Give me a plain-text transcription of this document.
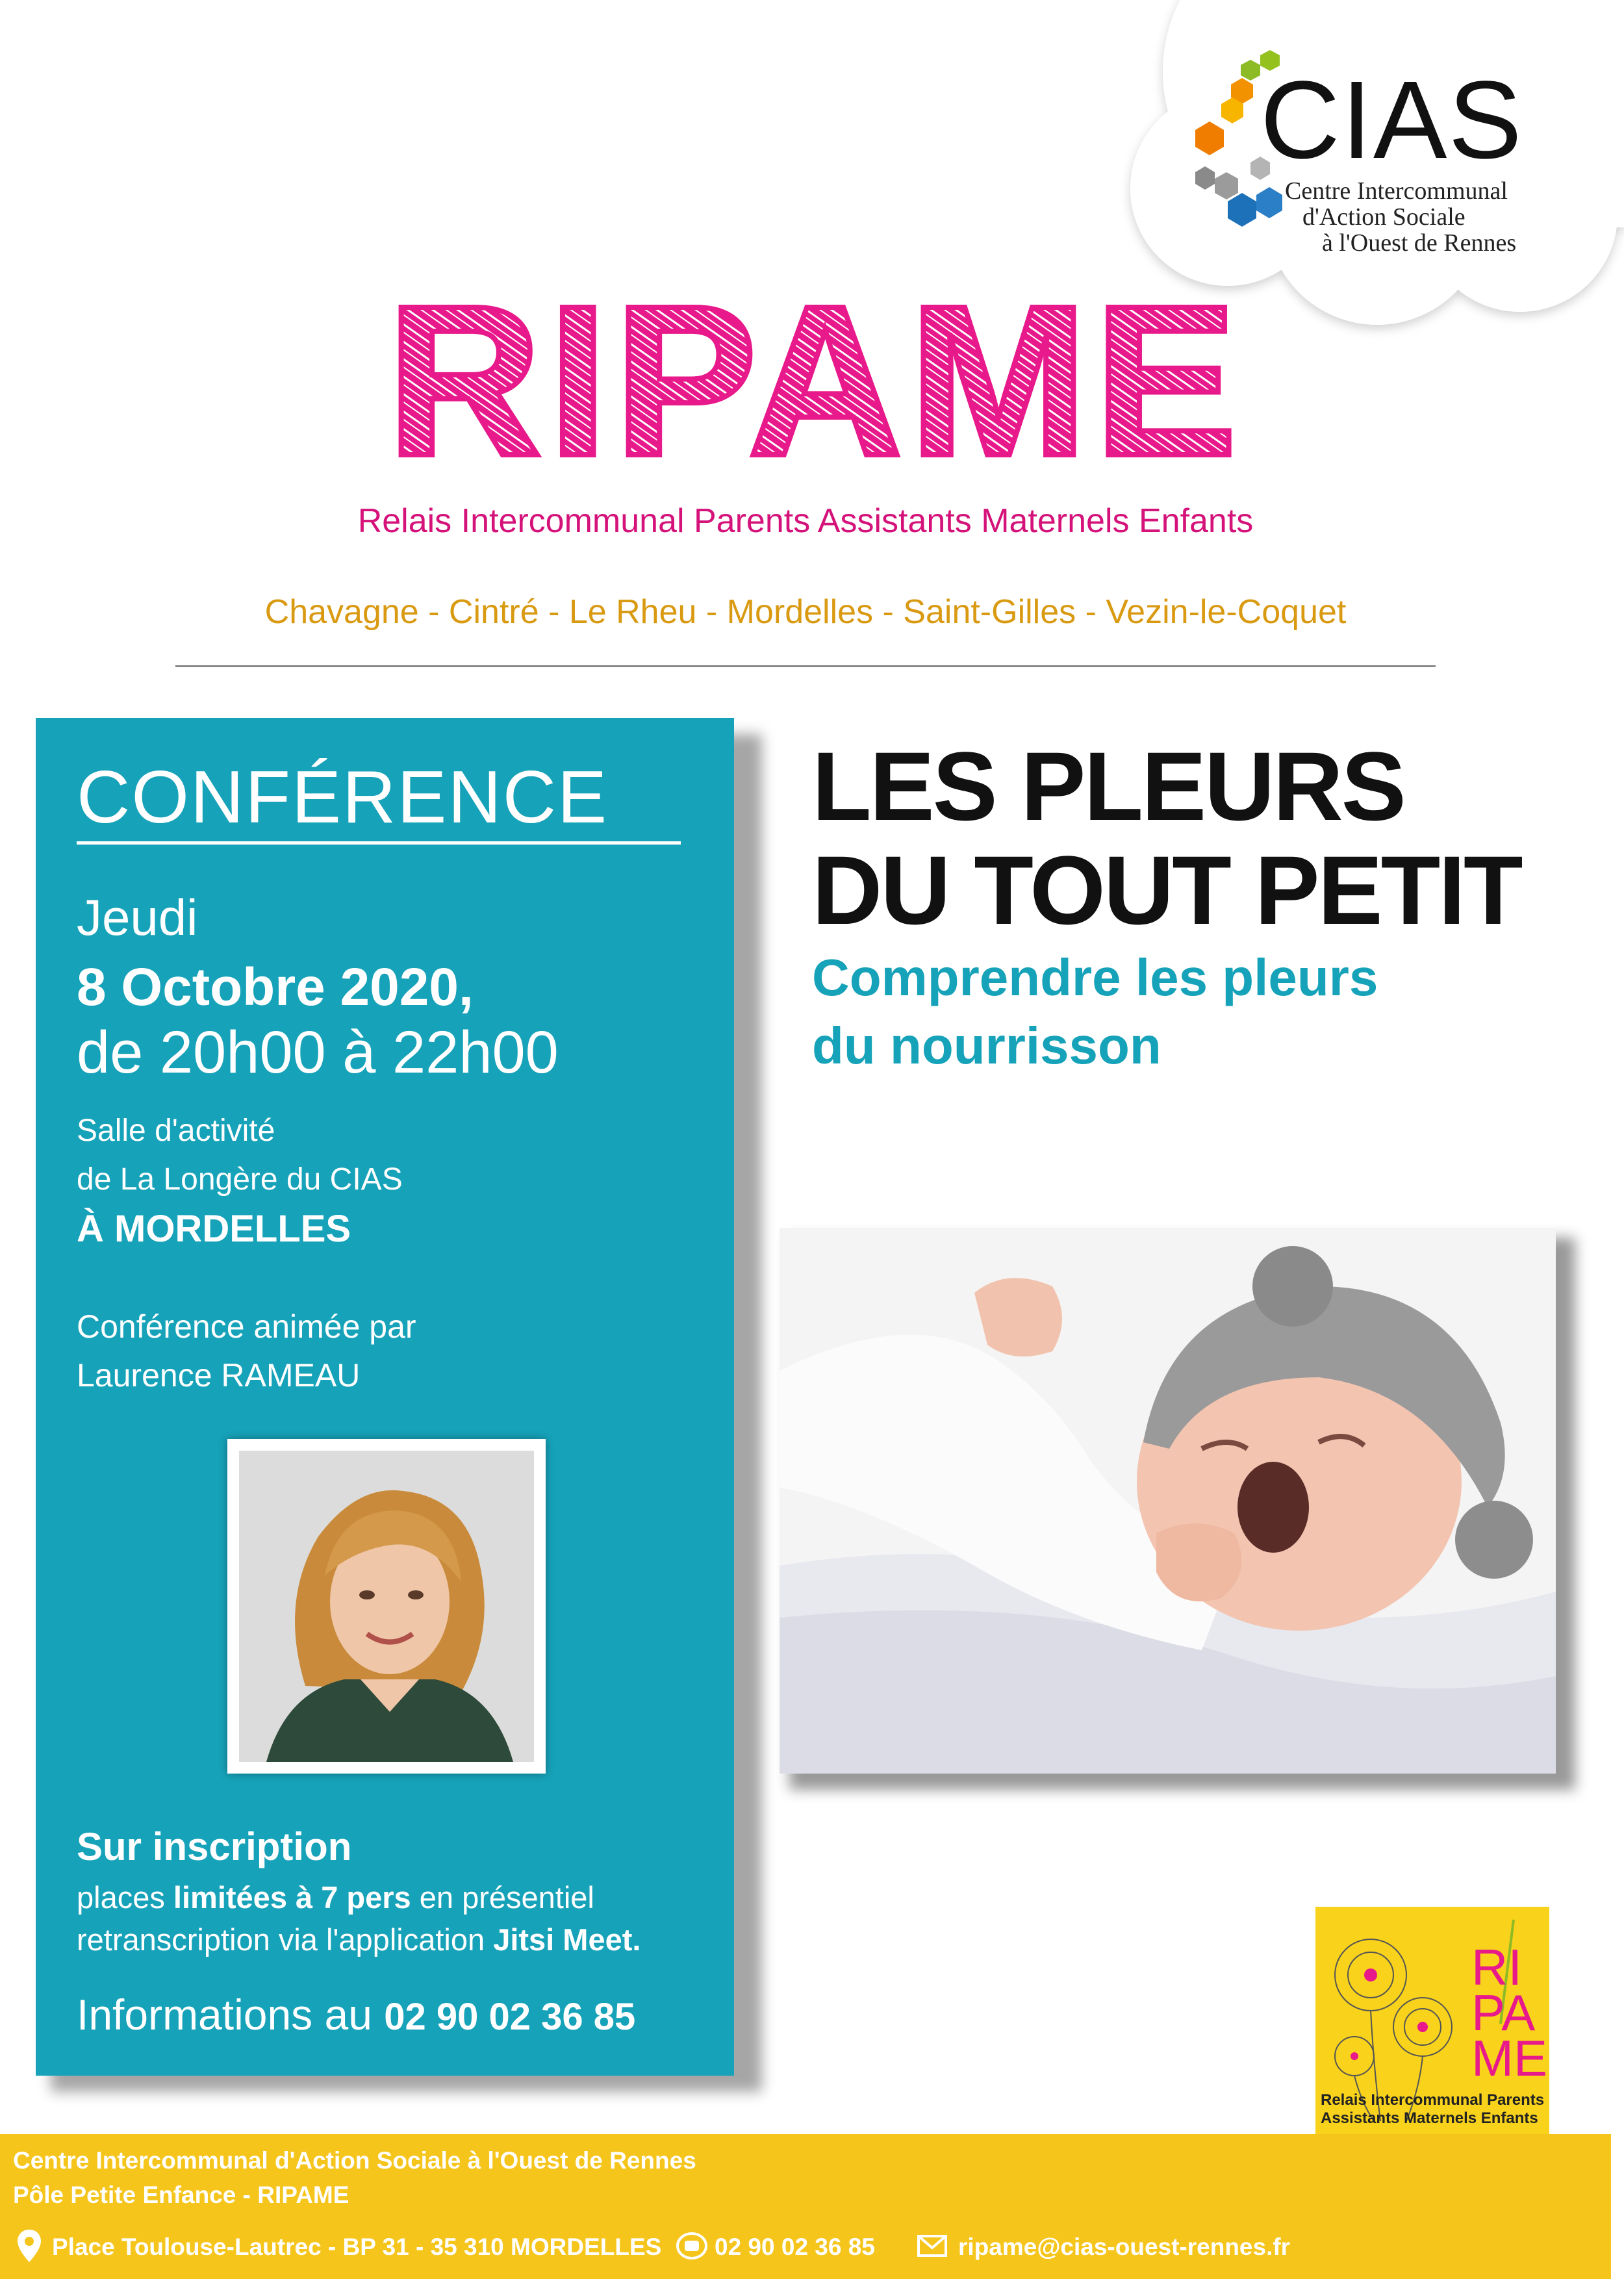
CIAS
Centre Intercommunal
d'Action Sociale
à l'Ouest de Rennes
RIPAME
Relais Intercommunal Parents Assistants Maternels Enfants
Chavagne - Cintré - Le Rheu - Mordelles - Saint-Gilles - Vezin-le-Coquet
CONFÉRENCE
Jeudi
8 Octobre 2020,
de 20h00 à 22h00
Salle d'activité
de La Longère du CIAS
À MORDELLES
Conférence animée par
Laurence RAMEAU
Sur inscription
places limitées à 7 pers en présentiel
retranscription via l'application Jitsi Meet.
Informations au 02 90 02 36 85
LES PLEURS
DU TOUT PETIT
Comprendre les pleurs
du nourrisson
RI
PA
ME
Relais Intercommunal Parents
Assistants Maternels Enfants
Centre Intercommunal d'Action Sociale à l'Ouest de Rennes
Pôle Petite Enfance - RIPAME
Place Toulouse-Lautrec - BP 31 - 35 310 MORDELLES 02 90 02 36 85	ripame@cias-ouest-rennes.fr
